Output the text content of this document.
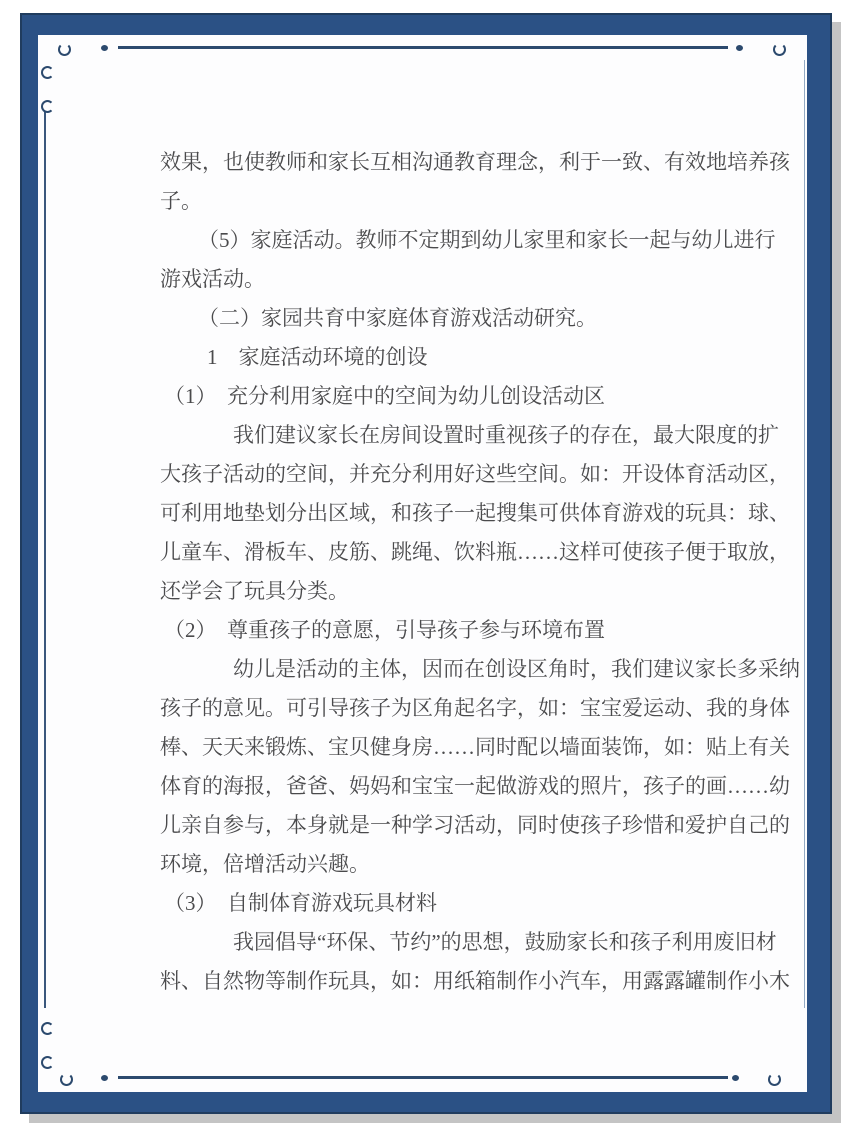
效果，也使教师和家长互相沟通教育理念，利于一致、有效地培养孩
子。
（5）家庭活动。教师不定期到幼儿家里和家长一起与幼儿进行
游戏活动。
（二）家园共育中家庭体育游戏活动研究。
1　家庭活动环境的创设
（1）　充分利用家庭中的空间为幼儿创设活动区
我们建议家长在房间设置时重视孩子的存在，最大限度的扩
大孩子活动的空间，并充分利用好这些空间。如：开设体育活动区，
可利用地垫划分出区域，和孩子一起搜集可供体育游戏的玩具：球、
儿童车、滑板车、皮筋、跳绳、饮料瓶……这样可使孩子便于取放，
还学会了玩具分类。
（2）　尊重孩子的意愿，引导孩子参与环境布置
幼儿是活动的主体，因而在创设区角时，我们建议家长多采纳
孩子的意见。可引导孩子为区角起名字，如：宝宝爱运动、我的身体
棒、天天来锻炼、宝贝健身房……同时配以墙面装饰，如：贴上有关
体育的海报，爸爸、妈妈和宝宝一起做游戏的照片，孩子的画……幼
儿亲自参与，本身就是一种学习活动，同时使孩子珍惜和爱护自己的
环境，倍增活动兴趣。
（3）　自制体育游戏玩具材料
我园倡导“环保、节约”的思想，鼓励家长和孩子利用废旧材
料、自然物等制作玩具，如：用纸箱制作小汽车，用露露罐制作小木
